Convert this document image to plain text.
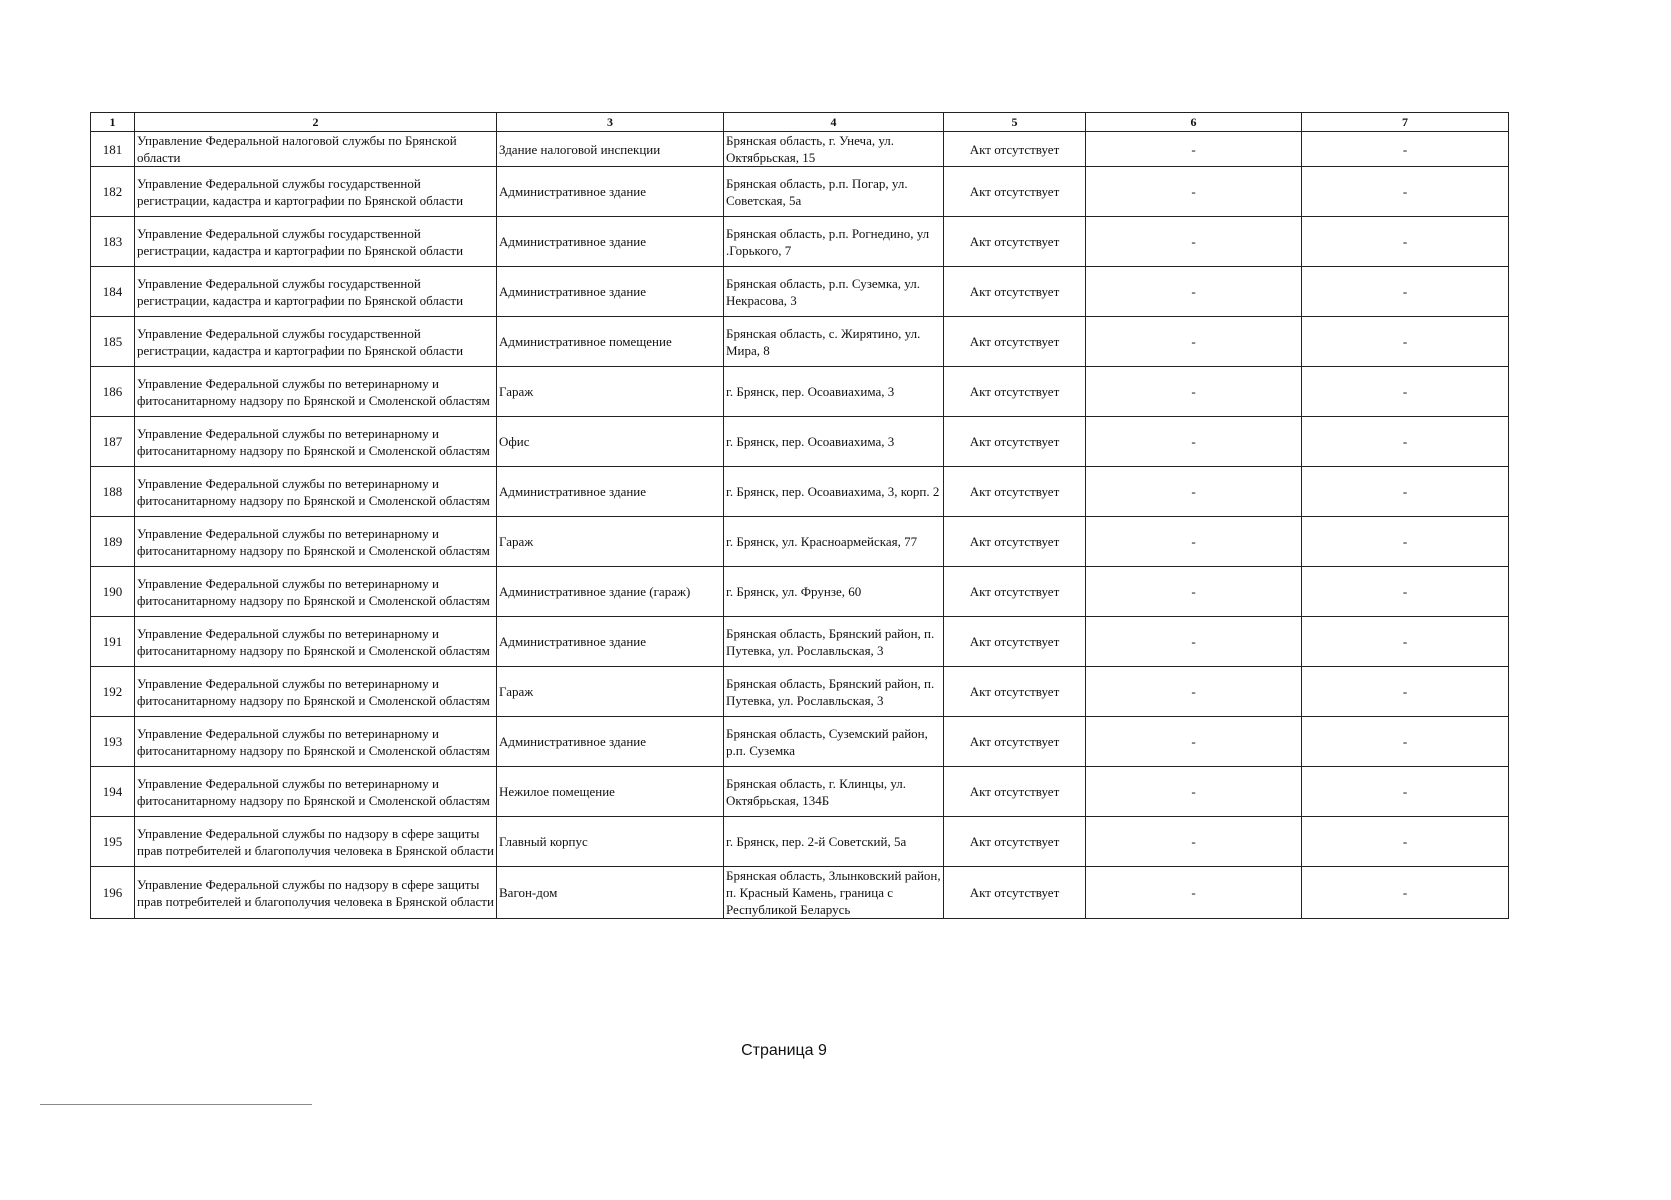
1	2	3	4	5	6	7
181	Управление Федеральной налоговой службы по Брянской области	Здание налоговой инспекции	Брянская область, г. Унеча, ул. Октябрьская, 15	Акт отсутствует	-	-
182	Управление Федеральной службы государственной регистрации, кадастра и картографии по Брянской области	Административное здание	Брянская область, р.п. Погар, ул. Советская, 5а	Акт отсутствует	-	-
183	Управление Федеральной службы государственной регистрации, кадастра и картографии по Брянской области	Административное здание	Брянская область, р.п. Рогнедино, ул .Горького, 7	Акт отсутствует	-	-
184	Управление Федеральной службы государственной регистрации, кадастра и картографии по Брянской области	Административное здание	Брянская область, р.п. Суземка, ул. Некрасова, 3	Акт отсутствует	-	-
185	Управление Федеральной службы государственной регистрации, кадастра и картографии по Брянской области	Административное помещение	Брянская область, с. Жирятино, ул. Мира, 8	Акт отсутствует	-	-
186	Управление Федеральной службы по ветеринарному и фитосанитарному надзору по Брянской и Смоленской областям	Гараж	г. Брянск, пер. Осоавиахима, 3	Акт отсутствует	-	-
187	Управление Федеральной службы по ветеринарному и фитосанитарному надзору по Брянской и Смоленской областям	Офис	г. Брянск, пер. Осоавиахима, 3	Акт отсутствует	-	-
188	Управление Федеральной службы по ветеринарному и фитосанитарному надзору по Брянской и Смоленской областям	Административное здание	г. Брянск, пер. Осоавиахима, 3, корп. 2	Акт отсутствует	-	-
189	Управление Федеральной службы по ветеринарному и фитосанитарному надзору по Брянской и Смоленской областям	Гараж	г. Брянск, ул. Красноармейская, 77	Акт отсутствует	-	-
190	Управление Федеральной службы по ветеринарному и фитосанитарному надзору по Брянской и Смоленской областям	Административное здание (гараж)	г. Брянск, ул. Фрунзе, 60	Акт отсутствует	-	-
191	Управление Федеральной службы по ветеринарному и фитосанитарному надзору по Брянской и Смоленской областям	Административное здание	Брянская область, Брянский район, п. Путевка, ул. Рославльская, 3	Акт отсутствует	-	-
192	Управление Федеральной службы по ветеринарному и фитосанитарному надзору по Брянской и Смоленской областям	Гараж	Брянская область, Брянский район, п. Путевка, ул. Рославльская, 3	Акт отсутствует	-	-
193	Управление Федеральной службы по ветеринарному и фитосанитарному надзору по Брянской и Смоленской областям	Административное здание	Брянская область, Суземский район, р.п. Суземка	Акт отсутствует	-	-
194	Управление Федеральной службы по ветеринарному и фитосанитарному надзору по Брянской и Смоленской областям	Нежилое помещение	Брянская область, г. Клинцы, ул. Октябрьская, 134Б	Акт отсутствует	-	-
195	Управление Федеральной службы по надзору в сфере защиты прав потребителей и благополучия человека в Брянской области	Главный корпус	г. Брянск, пер. 2-й Советский, 5а	Акт отсутствует	-	-
196	Управление Федеральной службы по надзору в сфере защиты прав потребителей и благополучия человека в Брянской области	Вагон-дом	Брянская область, Злынковский район, п. Красный Камень, граница с Республикой Беларусь	Акт отсутствует	-	-
Страница 9
